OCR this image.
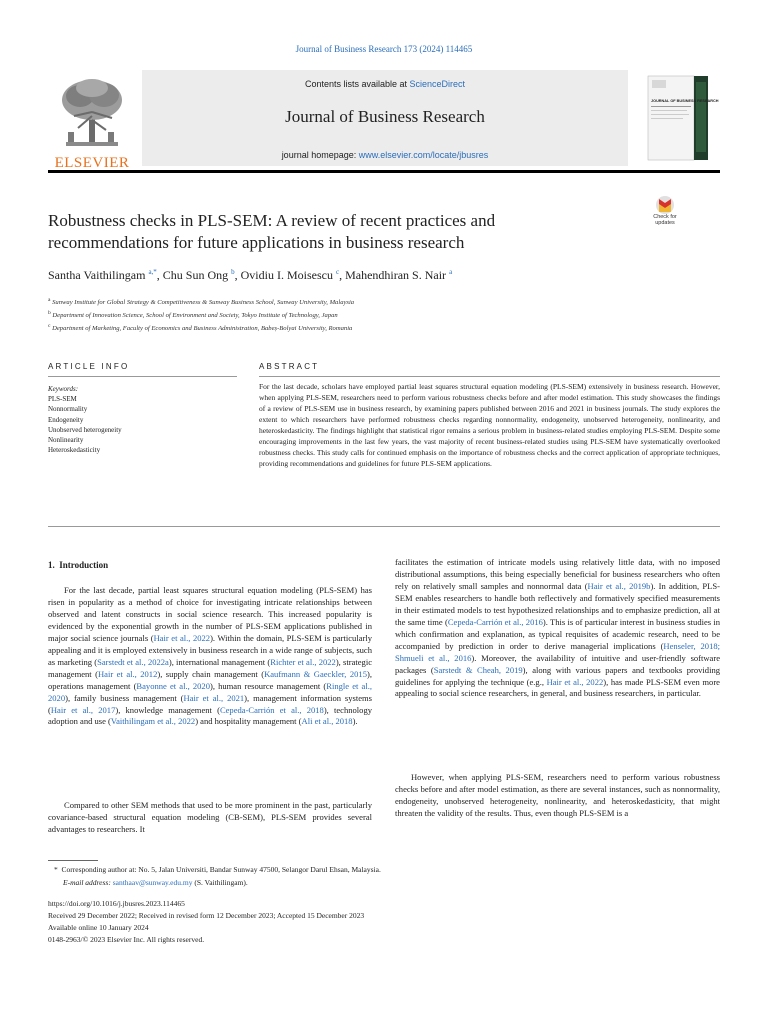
Journal of Business Research 173 (2024) 114465
ELSEVIER
Contents lists available at ScienceDirect
Journal of Business Research
journal homepage: www.elsevier.com/locate/jbusres
JOURNAL OF BUSINESS RESEARCH
Check for updates
Robustness checks in PLS-SEM: A review of recent practices and recommendations for future applications in business research
Santha Vaithilingam $^{a,*}$, Chu Sun Ong $^b$, Ovidiu I. Moisescu $^c$, Mahendhiran S. Nair $^a$
$^a$ Sunway Institute for Global Strategy & Competitiveness & Sunway Business School, Sunway University, Malaysia
$^b$ Department of Innovation Science, School of Environment and Society, Tokyo Institute of Technology, Japan
$^c$ Department of Marketing, Faculty of Economics and Business Administration, Babeș-Bolyai University, Romania
ARTICLE INFO	ABSTRACT
Keywords:
PLS-SEM
Nonnormality
Endogeneity
Unobserved heterogeneity
Nonlinearity
Heteroskedasticity
For the last decade, scholars have employed partial least squares structural equation modeling (PLS-SEM) extensively in business research. However, when applying PLS-SEM, researchers need to perform various robustness checks before and after model estimation. This study showcases the findings of a review of PLS-SEM use in business research, by examining papers published between 2016 and 2021 in business journals. The study explores the extent to which researchers have performed robustness checks regarding nonnormality, endogeneity, unobserved heterogeneity, nonlinearity, and heteroskedasticity. The findings highlight that statistical rigor remains a serious problem in business-related studies employing PLS-SEM. Despite some encouraging improvements in the last few years, the vast majority of recent business-related studies using PLS-SEM have systematically overlooked robustness checks. This study calls for continued emphasis on the importance of robustness checks and the correct application of appropriate techniques, providing recommendations and guidelines for future PLS-SEM applications.
1. Introduction

For the last decade, partial least squares structural equation modeling (PLS-SEM) has risen in popularity as a method of choice for investigating intricate relationships between observed and latent constructs in social science research. This increased popularity is evidenced by the exponential growth in the number of PLS-SEM applications published in major social science journals (Hair et al., 2022). Within the domain, PLS-SEM is particularly appealing and it is employed extensively in business research in a wide range of subjects, such as marketing (Sarstedt et al., 2022a), international management (Richter et al., 2022), strategic management (Hair et al., 2012), supply chain management (Kaufmann & Gaeckler, 2015), operations management (Bayonne et al., 2020), human resource management (Ringle et al., 2020), family business management (Hair et al., 2021), management information systems (Hair et al., 2017), knowledge management (Cepeda-Carrión et al., 2018), technology adoption and use (Vaithilingam et al., 2022) and hospitality management (Ali et al., 2018).

Compared to other SEM methods that used to be more prominent in the past, particularly covariance-based structural equation modeling (CB-SEM), PLS-SEM provides several advantages to researchers. It

facilitates the estimation of intricate models using relatively little data, with no imposed distributional assumptions, this being especially beneficial for business researchers who often rely on relatively small samples and nonnormal data (Hair et al., 2019b). In addition, PLS-SEM enables researchers to handle both reflectively and formatively specified measurements in their estimated models to test hypothesized relationships and to emphasize prediction, all at the same time (Cepeda-Carrión et al., 2016). This is of particular interest in business studies in which confirmation and explanation, as typical requisites of academic research, need to be accompanied by prediction in order to derive managerial implications (Henseler, 2018; Shmueli et al., 2016). Moreover, the availability of intuitive and user-friendly software packages (Sarstedt & Cheah, 2019), along with various papers and textbooks providing guidelines for applying the technique (e.g., Hair et al., 2022), has made PLS-SEM even more appealing to social science researchers, in general, and business researchers, in particular.

However, when applying PLS-SEM, researchers need to perform various robustness checks before and after model estimation, as there are several instances, such as nonnormality, endogeneity, unobserved heterogeneity, nonlinearity, and heteroskedasticity, that might threaten the validity of the results. Thus, even though PLS-SEM is a

*  Corresponding author at: No. 5, Jalan Universiti, Bandar Sunway 47500, Selangor Darul Ehsan, Malaysia.
E-mail address: santhaav@sunway.edu.my (S. Vaithilingam).
https://doi.org/10.1016/j.jbusres.2023.114465
Received 29 December 2022; Received in revised form 12 December 2023; Accepted 15 December 2023
Available online 10 January 2024
0148-2963/© 2023 Elsevier Inc. All rights reserved.
